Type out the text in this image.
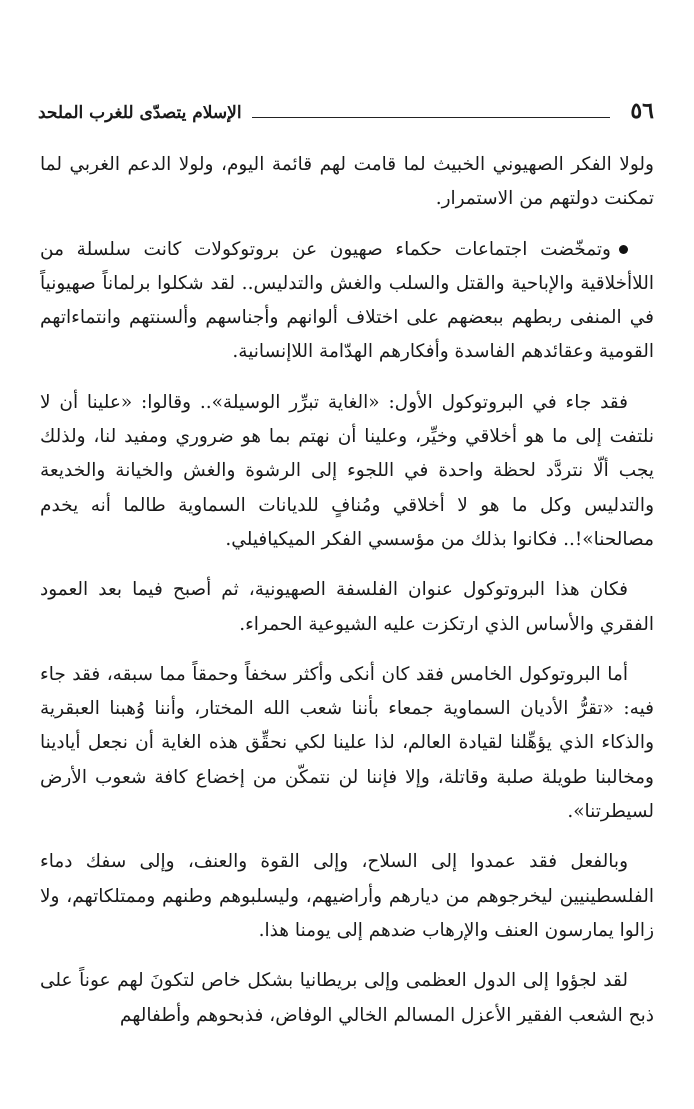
٥٦
الإسلام يتصدّى للغرب الملحد

ولولا الفكر الصهيوني الخبيث لما قامت لهم قائمة اليوم، ولولا الدعم الغربي لما تمكنت دولتهم من الاستمرار.

وتمخّضت اجتماعات حكماء صهيون عن بروتوكولات كانت سلسلة من اللاأخلاقية والإباحية والقتل والسلب والغش والتدليس.. لقد شكلوا برلماناً صهيونياً في المنفى ربطهم ببعضهم على اختلاف ألوانهم وأجناسهم وألسنتهم وانتماءاتهم القومية وعقائدهم الفاسدة وأفكارهم الهدّامة اللاإنسانية.

فقد جاء في البروتوكول الأول: «الغاية تبرِّر الوسيلة».. وقالوا: «علينا أن لا نلتفت إلى ما هو أخلاقي وخيِّر، وعلينا أن نهتم بما هو ضروري ومفيد لنا، ولذلك يجب ألّا نتردَّد لحظة واحدة في اللجوء إلى الرشوة والغش والخيانة والخديعة والتدليس وكل ما هو لا أخلاقي ومُنافٍ للديانات السماوية طالما أنه يخدم مصالحنا»!.. فكانوا بذلك من مؤسسي الفكر الميكيافيلي.

فكان هذا البروتوكول عنوان الفلسفة الصهيونية، ثم أصبح فيما بعد العمود الفقري والأساس الذي ارتكزت عليه الشيوعية الحمراء.

أما البروتوكول الخامس فقد كان أنكى وأكثر سخفاً وحمقاً مما سبقه، فقد جاء فيه: «تقرُّ الأديان السماوية جمعاء بأننا شعب الله المختار، وأننا وُهبنا العبقرية والذكاء الذي يؤهِّلنا لقيادة العالم، لذا علينا لكي نحقِّق هذه الغاية أن نجعل أيادينا ومخالبنا طويلة صلبة وقاتلة، وإلا فإننا لن نتمكّن من إخضاع كافة شعوب الأرض لسيطرتنا».

وبالفعل فقد عمدوا إلى السلاح، وإلى القوة والعنف، وإلى سفك دماء الفلسطينيين ليخرجوهم من ديارهم وأراضيهم، وليسلبوهم وطنهم وممتلكاتهم، ولا زالوا يمارسون العنف والإرهاب ضدهم إلى يومنا هذا.

لقد لجؤوا إلى الدول العظمى وإلى بريطانيا بشكل خاص لتكونَ لهم عوناً على ذبح الشعب الفقير الأعزل المسالم الخالي الوفاض، فذبحوهم وأطفالهم
